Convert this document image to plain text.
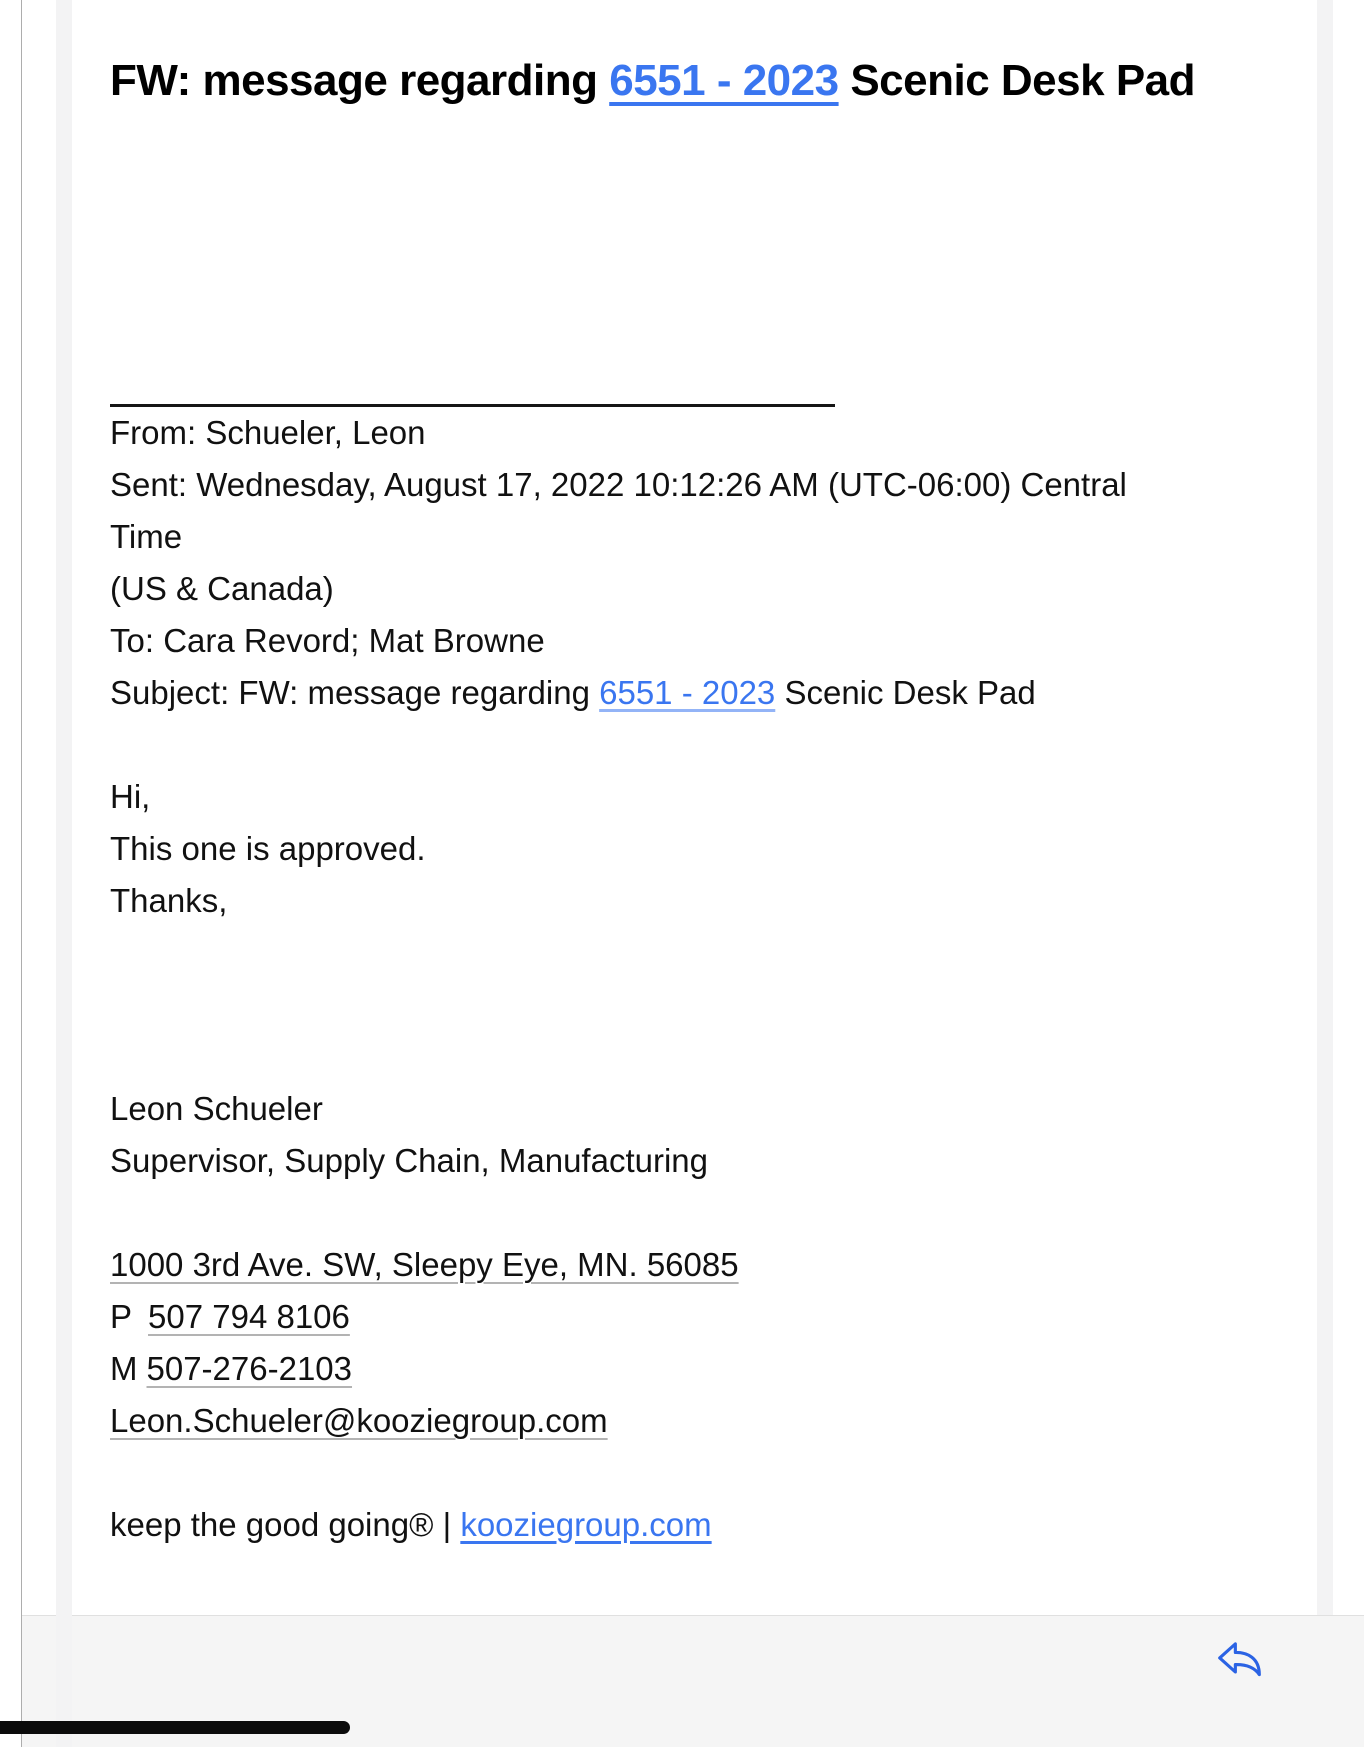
FW: message regarding 6551 - 2023 Scenic Desk Pad
From: Schueler, Leon
Sent: Wednesday, August 17, 2022 10:12:26 AM (UTC-06:00) Central Time
(US & Canada)
To: Cara Revord; Mat Browne
Subject: FW: message regarding 6551 - 2023 Scenic Desk Pad
Hi,
This one is approved.
Thanks,
Leon Schueler
Supervisor, Supply Chain, Manufacturing
1000 3rd Ave. SW, Sleepy Eye, MN. 56085
P 507 794 8106
M 507-276-2103
Leon.Schueler@kooziegroup.com
keep the good going® | kooziegroup.com
